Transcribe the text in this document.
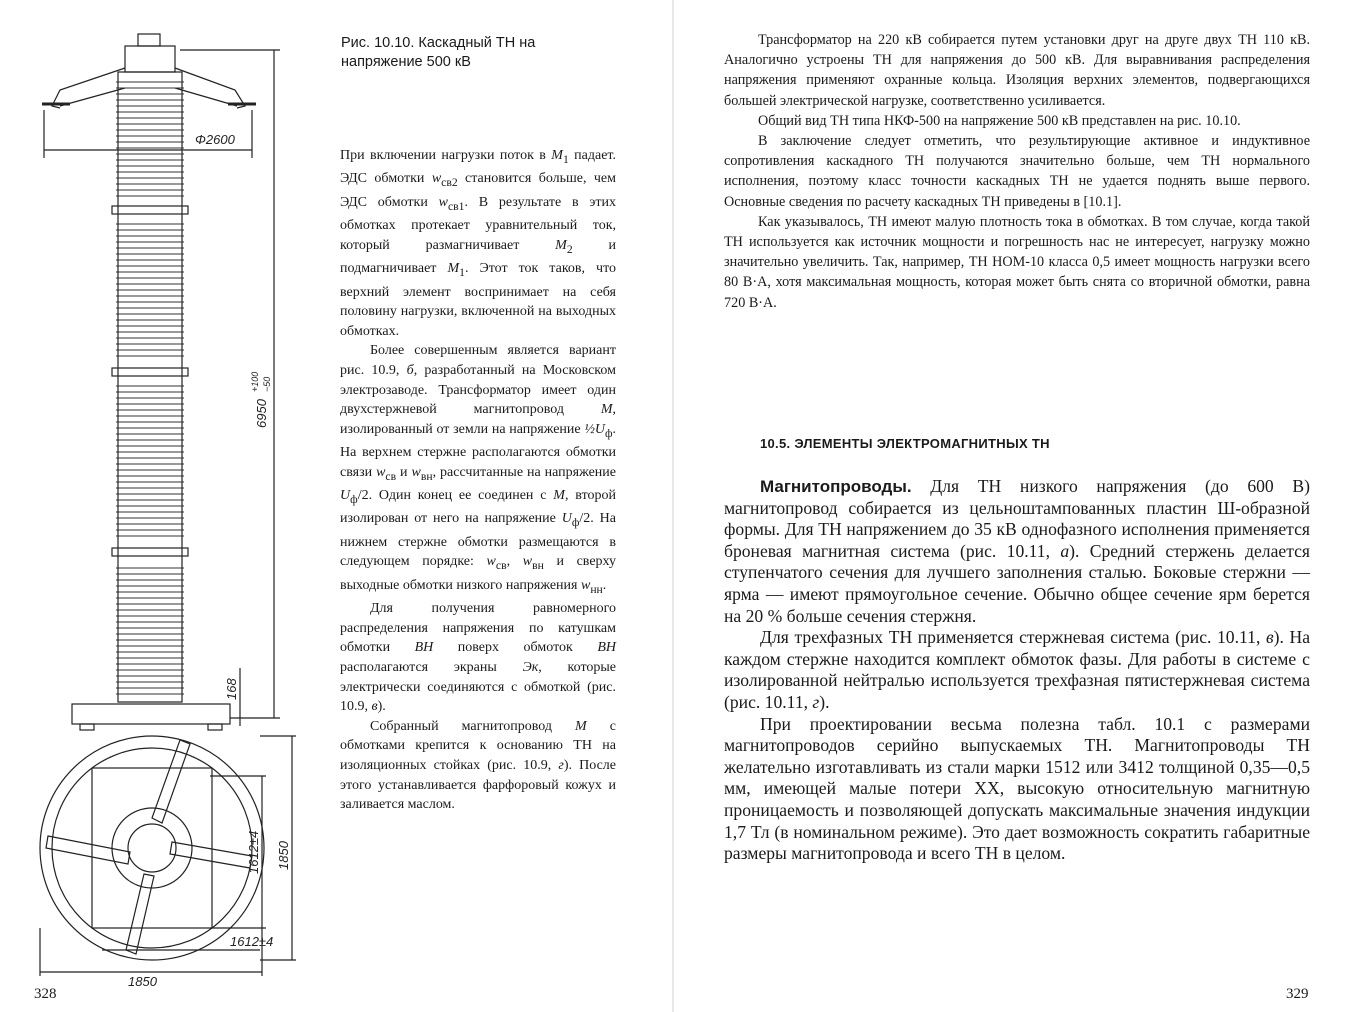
Φ2600
6950
+100 −50
168
1612±4 1850
1612±4
1850
Рис. 10.10. Каскадный ТН на
напряжение 500 кВ

При включении нагрузки поток в $M_1$ падает. ЭДС обмотки $w_{св2}$ становится больше, чем ЭДС обмотки $w_{св1}$. В результате в этих обмотках протекает уравнительный ток, который размагничивает $M_2$ и подмагничивает $M_1$. Этот ток таков, что верхний элемент воспринимает на себя половину нагрузки, включенной на выходных обмотках.

Более совершенным является вариант рис. 10.9, б, разработанный на Московском электрозаводе. Трансформатор имеет один двухстержневой магнитопровод M, изолированный от земли на напряжение $\frac{1}{2}U_ф$. На верхнем стержне располагаются обмотки связи $w_{св}$ и $w_{вн}$, рассчитанные на напряжение $U_ф/2$. Один конец ее соединен с M, второй изолирован от него на напряжение $U_ф/2$. На нижнем стержне обмотки размещаются в следующем порядке: $w_{св}$, $w_{вн}$ и сверху выходные обмотки низкого напряжения $w_{нн}$.

Для получения равномерного распределения напряжения по катушкам обмотки ВН поверх обмоток ВН располагаются экраны Эк, которые электрически соединяются с обмоткой (рис. 10.9, в).

Собранный магнитопровод M с обмотками крепится к основанию ТН на изоляционных стойках (рис. 10.9, г). После этого устанавливается фарфоровый кожух и заливается маслом.

328

Трансформатор на 220 кВ собирается путем установки друг на друге двух ТН 110 кВ. Аналогично устроены ТН для напряжения до 500 кВ. Для выравнивания распределения напряжения применяют охранные кольца. Изоляция верхних элементов, подвергающихся большей электрической нагрузке, соответственно усиливается.

Общий вид ТН типа НКФ-500 на напряжение 500 кВ представлен на рис. 10.10.

В заключение следует отметить, что результирующие активное и индуктивное сопротивления каскадного ТН получаются значительно больше, чем ТН нормального исполнения, поэтому класс точности каскадных ТН не удается поднять выше первого. Основные сведения по расчету каскадных ТН приведены в [10.1].

Как указывалось, ТН имеют малую плотность тока в обмотках. В том случае, когда такой ТН используется как источник мощности и погрешность нас не интересует, нагрузку можно значительно увеличить. Так, например, ТН НОМ-10 класса 0,5 имеет мощность нагрузки всего 80 В·А, хотя максимальная мощность, которая может быть снята со вторичной обмотки, равна 720 В·А.

10.5. ЭЛЕМЕНТЫ ЭЛЕКТРОМАГНИТНЫХ ТН

Магнитопроводы. Для ТН низкого напряжения (до 600 В) магнитопровод собирается из цельноштампованных пластин Ш-образной формы. Для ТН напряжением до 35 кВ однофазного исполнения применяется броневая магнитная система (рис. 10.11, а). Средний стержень делается ступенчатого сечения для лучшего заполнения сталью. Боковые стержни — ярма — имеют прямоугольное сечение. Обычно общее сечение ярм берется на 20 % больше сечения стержня.

Для трехфазных ТН применяется стержневая система (рис. 10.11, в). На каждом стержне находится комплект обмоток фазы. Для работы в системе с изолированной нейтралью используется трехфазная пятистержневая система (рис. 10.11, г).

При проектировании весьма полезна табл. 10.1 с размерами магнитопроводов серийно выпускаемых ТН. Магнитопроводы ТН желательно изготавливать из стали марки 1512 или 3412 толщиной 0,35—0,5 мм, имеющей малые потери XX, высокую относительную магнитную проницаемость и позволяющей допускать максимальные значения индукции 1,7 Тл (в номинальном режиме). Это дает возможность сократить габаритные размеры магнитопровода и всего ТН в целом.

329
